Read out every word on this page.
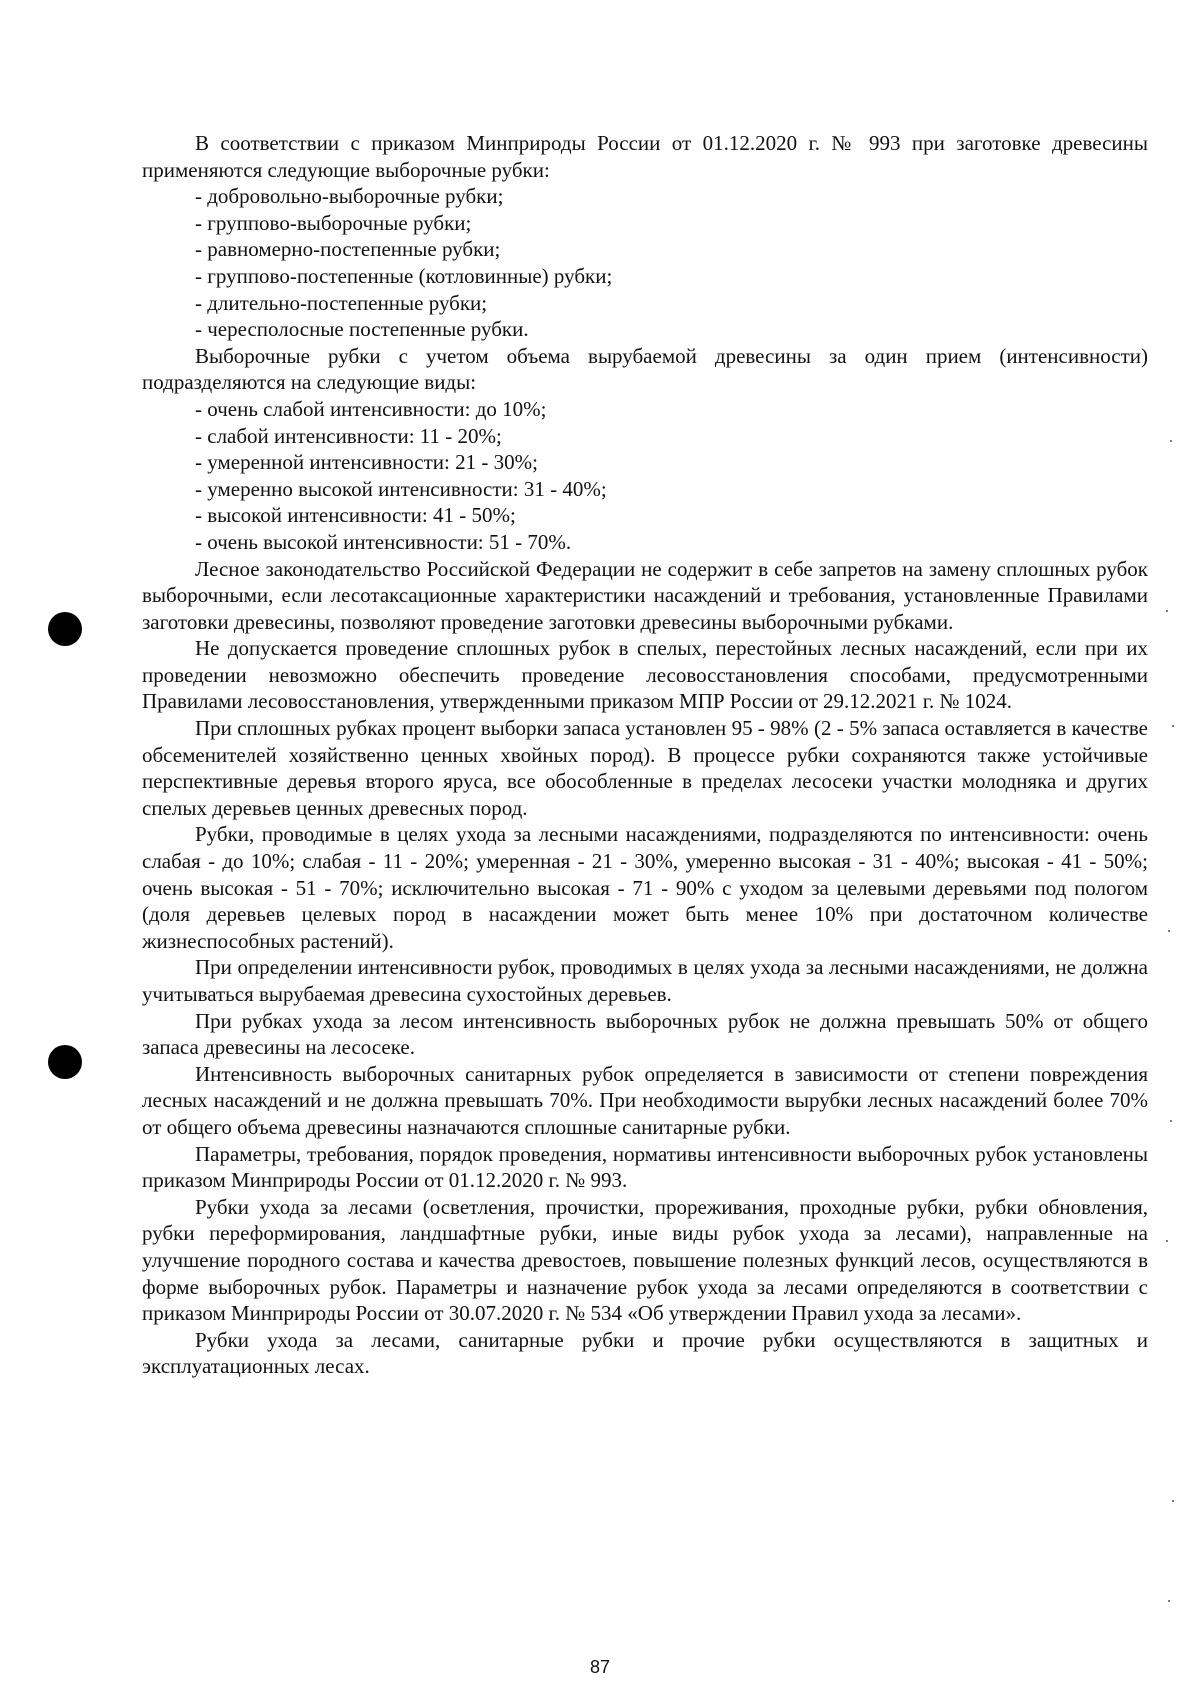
В соответствии с приказом Минприроды России от 01.12.2020 г. № 993 при заготовке древесины применяются следующие выборочные рубки:

- добровольно-выборочные рубки;

- группово-выборочные рубки;

- равномерно-постепенные рубки;

- группово-постепенные (котловинные) рубки;

- длительно-постепенные рубки;

- чересполосные постепенные рубки.

Выборочные рубки с учетом объема вырубаемой древесины за один прием (интенсивности) подразделяются на следующие виды:

- очень слабой интенсивности: до 10%;

- слабой интенсивности: 11 - 20%;

- умеренной интенсивности: 21 - 30%;

- умеренно высокой интенсивности: 31 - 40%;

- высокой интенсивности: 41 - 50%;

- очень высокой интенсивности: 51 - 70%.

Лесное законодательство Российской Федерации не содержит в себе запретов на замену сплошных рубок выборочными, если лесотаксационные характеристики насаждений и требования, установленные Правилами заготовки древесины, позволяют проведение заготовки древесины выборочными рубками.

Не допускается проведение сплошных рубок в спелых, перестойных лесных насаждений, если при их проведении невозможно обеспечить проведение лесовосстановления способами, предусмотренными Правилами лесовосстановления, утвержденными приказом МПР России от 29.12.2021 г. № 1024.

При сплошных рубках процент выборки запаса установлен 95 - 98% (2 - 5% запаса оставляется в качестве обсеменителей хозяйственно ценных хвойных пород). В процессе рубки сохраняются также устойчивые перспективные деревья второго яруса, все обособленные в пределах лесосеки участки молодняка и других спелых деревьев ценных древесных пород.

Рубки, проводимые в целях ухода за лесными насаждениями, подразделяются по интенсивности: очень слабая - до 10%; слабая - 11 - 20%; умеренная - 21 - 30%, умеренно высокая - 31 - 40%; высокая - 41 - 50%; очень высокая - 51 - 70%; исключительно высокая - 71 - 90% с уходом за целевыми деревьями под пологом (доля деревьев целевых пород в насаждении может быть менее 10% при достаточном количестве жизнеспособных растений).

При определении интенсивности рубок, проводимых в целях ухода за лесными насаждениями, не должна учитываться вырубаемая древесина сухостойных деревьев.

При рубках ухода за лесом интенсивность выборочных рубок не должна превышать 50% от общего запаса древесины на лесосеке.

Интенсивность выборочных санитарных рубок определяется в зависимости от степени повреждения лесных насаждений и не должна превышать 70%. При необходимости вырубки лесных насаждений более 70% от общего объема древесины назначаются сплошные санитарные рубки.

Параметры, требования, порядок проведения, нормативы интенсивности выборочных рубок установлены приказом Минприроды России от 01.12.2020 г. № 993.

Рубки ухода за лесами (осветления, прочистки, прореживания, проходные рубки, рубки обновления, рубки переформирования, ландшафтные рубки, иные виды рубок ухода за лесами), направленные на улучшение породного состава и качества древостоев, повышение полезных функций лесов, осуществляются в форме выборочных рубок. Параметры и назначение рубок ухода за лесами определяются в соответствии с приказом Минприроды России от 30.07.2020 г. № 534 «Об утверждении Правил ухода за лесами».

Рубки ухода за лесами, санитарные рубки и прочие рубки осуществляются в защитных и эксплуатационных лесах.

87
